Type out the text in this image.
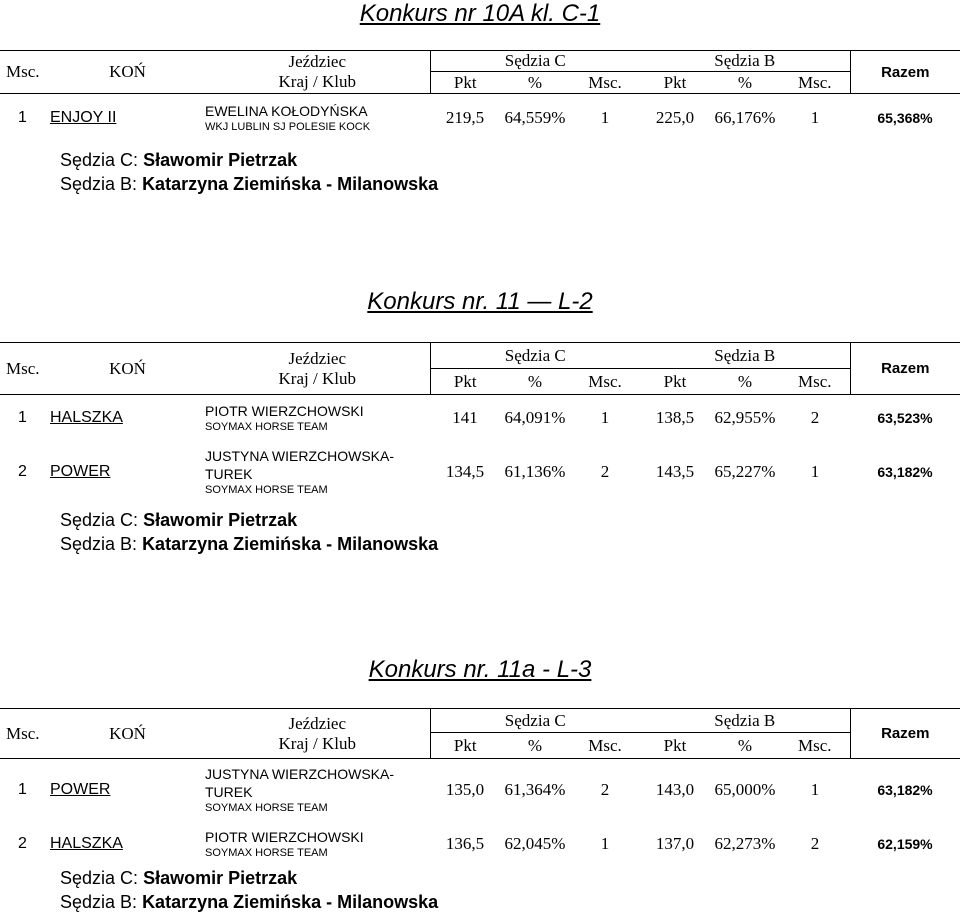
Konkurs nr 10A kl. C-1
Msc.	KOŃ	Jeździec
Kraj / Klub	Sędzia C			Sędzia B			Razem
			Pkt	%	Msc.	Pkt	%	Msc.	
1	ENJOY II	EWELINA KOŁODYŃSKA
WKJ LUBLIN SJ POLESIE KOCK	219,5	64,559%	1	225,0	66,176%	1	65,368%
Sędzia C: Sławomir Pietrzak
Sędzia B: Katarzyna Ziemińska - Milanowska
Konkurs nr. 11 — L-2
Msc.	KOŃ	Jeździec
Kraj / Klub	Sędzia C			Sędzia B			Razem
			Pkt	%	Msc.	Pkt	%	Msc.	
1	HALSZKA	PIOTR WIERZCHOWSKI
SOYMAX HORSE TEAM	141	64,091%	1	138,5	62,955%	2	63,523%
2	POWER	JUSTYNA WIERZCHOWSKA-TUREK
SOYMAX HORSE TEAM	134,5	61,136%	2	143,5	65,227%	1	63,182%
Sędzia C: Sławomir Pietrzak
Sędzia B: Katarzyna Ziemińska - Milanowska
Konkurs nr. 11a - L-3
Msc.	KOŃ	Jeździec
Kraj / Klub	Sędzia C			Sędzia B			Razem
			Pkt	%	Msc.	Pkt	%	Msc.	
1	POWER	JUSTYNA WIERZCHOWSKA-TUREK
SOYMAX HORSE TEAM	135,0	61,364%	2	143,0	65,000%	1	63,182%
2	HALSZKA	PIOTR WIERZCHOWSKI
SOYMAX HORSE TEAM	136,5	62,045%	1	137,0	62,273%	2	62,159%
Sędzia C: Sławomir Pietrzak
Sędzia B: Katarzyna Ziemińska - Milanowska
